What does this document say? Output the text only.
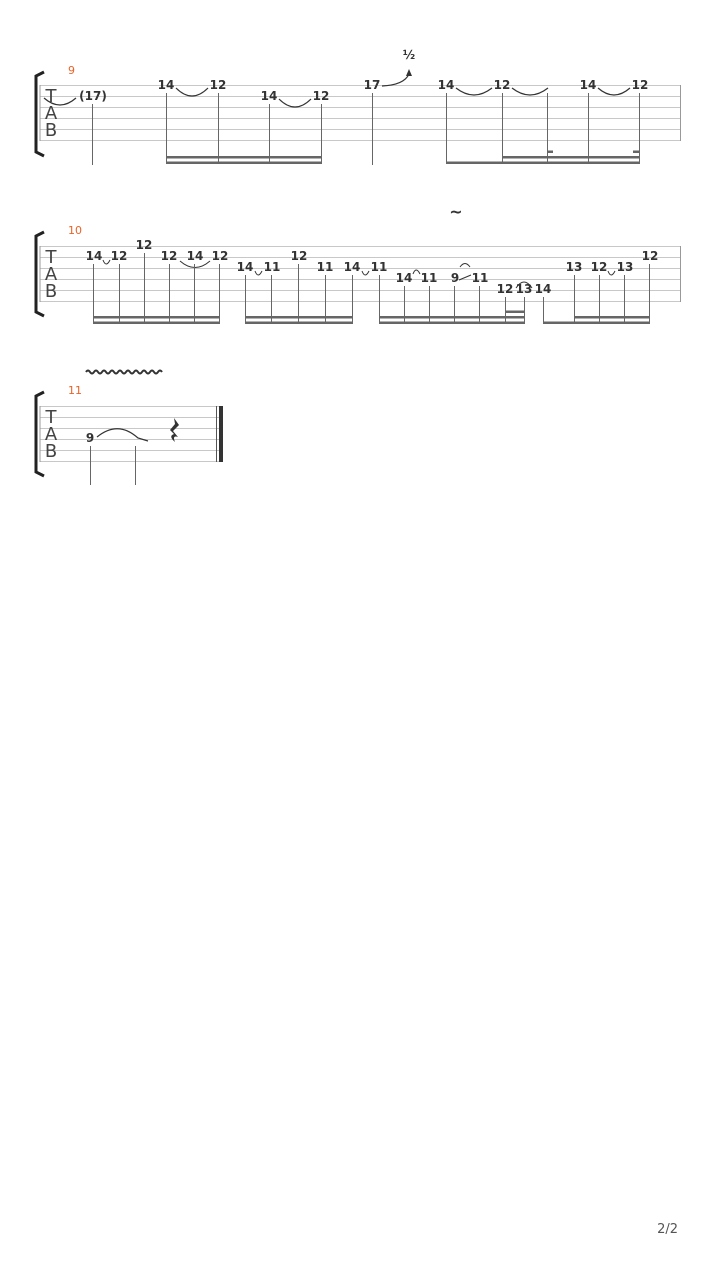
T
A
B
9
(17)
14	12
14	12
17	14	12	14	12
½
T
A
B
10
~
14 12
12
12 14 12
14 11
12
11 14 11
14 11 9 11
12 13 14
13 12 13
12
T
A
B
11
9
2/2
